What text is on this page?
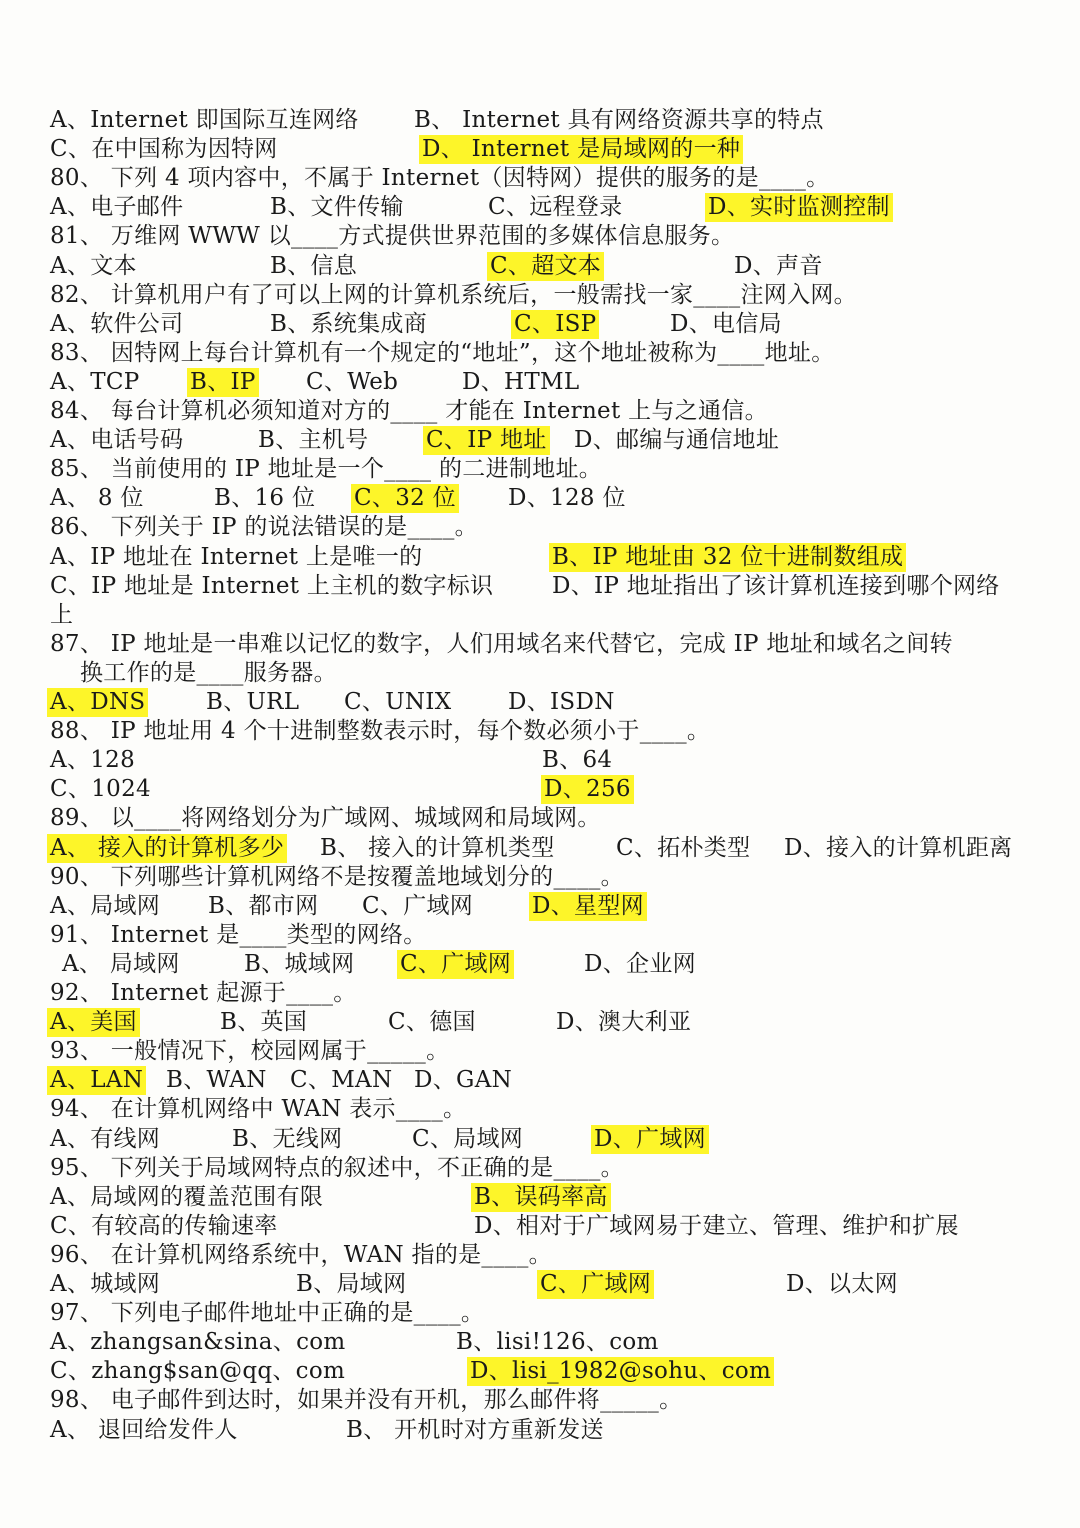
A、Internet 即国际互连网络 B、 Internet 具有网络资源共享的特点
C、在中国称为因特网	D、 Internet 是局域网的一种
80、 下列 4 项内容中，不属于 Internet（因特网）提供的服务的是____。
A、电子邮件	B、文件传输	C、远程登录	D、实时监测控制
81、 万维网 WWW 以____方式提供世界范围的多媒体信息服务。
A、文本	B、信息	C、超文本	D、声音
82、 计算机用户有了可以上网的计算机系统后，一般需找一家____注网入网。
A、软件公司	B、系统集成商	C、ISP	D、电信局
83、 因特网上每台计算机有一个规定的“地址”，这个地址被称为____地址。
A、TCP B、IP C、Web	D、HTML
84、 每台计算机必须知道对方的____ 才能在 Internet 上与之通信。
A、电话号码	B、主机号	C、IP 地址 D、邮编与通信地址
85、 当前使用的 IP 地址是一个____ 的二进制地址。
A、 8 位	B、16 位 C、32 位 D、128 位
86、 下列关于 IP 的说法错误的是____。
A、IP 地址在 Internet 上是唯一的	B、IP 地址由 32 位十进制数组成
C、IP 地址是 Internet 上主机的数字标识	D、IP 地址指出了该计算机连接到哪个网络
上
87、 IP 地址是一串难以记忆的数字，人们用域名来代替它，完成 IP 地址和域名之间转
换工作的是____服务器。
A、DNS	B、URL C、UNIX D、ISDN
88、 IP 地址用 4 个十进制整数表示时，每个数必须小于____。
A、128	B、64
C、1024	D、256
89、 以____将网络划分为广域网、城域网和局域网。
A、 接入的计算机多少 B、 接入的计算机类型	C、拓朴类型 D、接入的计算机距离
90、 下列哪些计算机网络不是按覆盖地域划分的____。
A、局域网 B、都市网 C、广域网	D、星型网
91、 Internet 是____类型的网络。
A、 局域网	B、城域网 C、广域网	D、企业网
92、 Internet 起源于____。
A、美国	B、英国	C、德国	D、澳大利亚
93、 一般情况下，校园网属于_____。
A、LAN B、WAN C、MAN D、GAN
94、 在计算机网络中 WAN 表示____。
A、有线网	B、无线网	C、局域网	D、广域网
95、 下列关于局域网特点的叙述中，不正确的是____。
A、局域网的覆盖范围有限	B、误码率高
C、有较高的传输速率	D、相对于广域网易于建立、管理、维护和扩展
96、 在计算机网络系统中，WAN 指的是____。
A、城域网	B、局域网	C、广域网	D、以太网
97、 下列电子邮件地址中正确的是____。
A、zhangsan&sina、com	B、lisi!126、com
C、zhang$san@qq、com	D、lisi_1982@sohu、com
98、 电子邮件到达时，如果并没有开机，那么邮件将_____。
A、 退回给发件人	B、 开机时对方重新发送
